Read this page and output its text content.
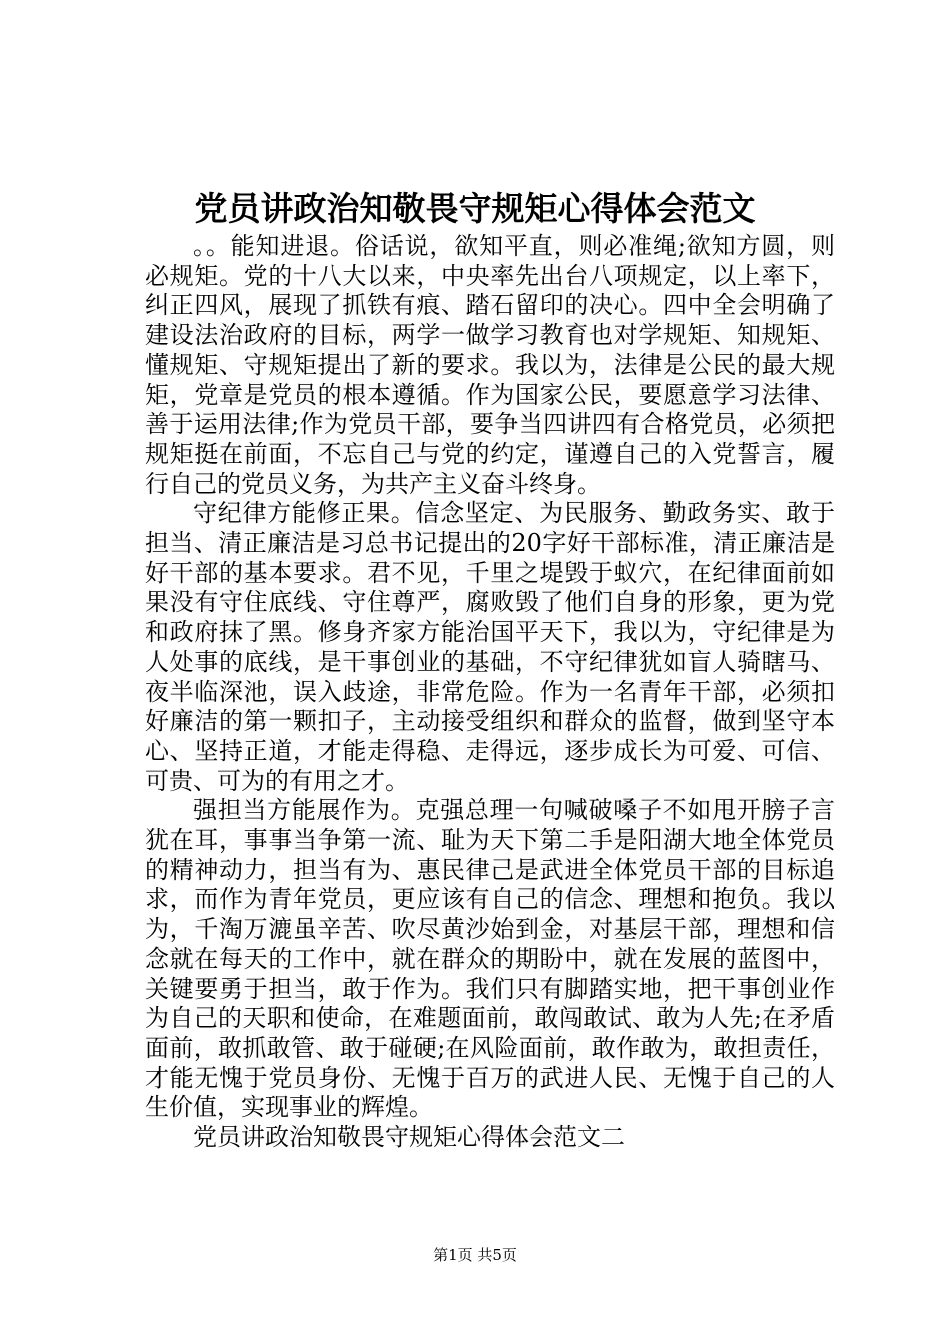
党员讲政治知敬畏守规矩心得体会范文

。。能知进退。俗话说，欲知平直，则必准绳;欲知方圆，则必规矩。党的十八大以来，中央率先出台八项规定，以上率下，纠正四风，展现了抓铁有痕、踏石留印的决心。四中全会明确了建设法治政府的目标，两学一做学习教育也对学规矩、知规矩、懂规矩、守规矩提出了新的要求。我以为，法律是公民的最大规矩，党章是党员的根本遵循。作为国家公民，要愿意学习法律、善于运用法律;作为党员干部，要争当四讲四有合格党员，必须把规矩挺在前面，不忘自己与党的约定，谨遵自己的入党誓言，履行自己的党员义务，为共产主义奋斗终身。

守纪律方能修正果。信念坚定、为民服务、勤政务实、敢于担当、清正廉洁是习总书记提出的20字好干部标准，清正廉洁是好干部的基本要求。君不见，千里之堤毁于蚁穴，在纪律面前如果没有守住底线、守住尊严，腐败毁了他们自身的形象，更为党和政府抹了黑。修身齐家方能治国平天下，我以为，守纪律是为人处事的底线，是干事创业的基础，不守纪律犹如盲人骑瞎马、夜半临深池，误入歧途，非常危险。作为一名青年干部，必须扣好廉洁的第一颗扣子，主动接受组织和群众的监督，做到坚守本心、坚持正道，才能走得稳、走得远，逐步成长为可爱、可信、可贵、可为的有用之才。

强担当方能展作为。克强总理一句喊破嗓子不如甩开膀子言犹在耳，事事当争第一流、耻为天下第二手是阳湖大地全体党员的精神动力，担当有为、惠民律己是武进全体党员干部的目标追求，而作为青年党员，更应该有自己的信念、理想和抱负。我以为，千淘万漉虽辛苦、吹尽黄沙始到金，对基层干部，理想和信念就在每天的工作中，就在群众的期盼中，就在发展的蓝图中，关键要勇于担当，敢于作为。我们只有脚踏实地，把干事创业作为自己的天职和使命，在难题面前，敢闯敢试、敢为人先;在矛盾面前，敢抓敢管、敢于碰硬;在风险面前，敢作敢为，敢担责任，才能无愧于党员身份、无愧于百万的武进人民、无愧于自己的人生价值，实现事业的辉煌。

党员讲政治知敬畏守规矩心得体会范文二

第1页 共5页
